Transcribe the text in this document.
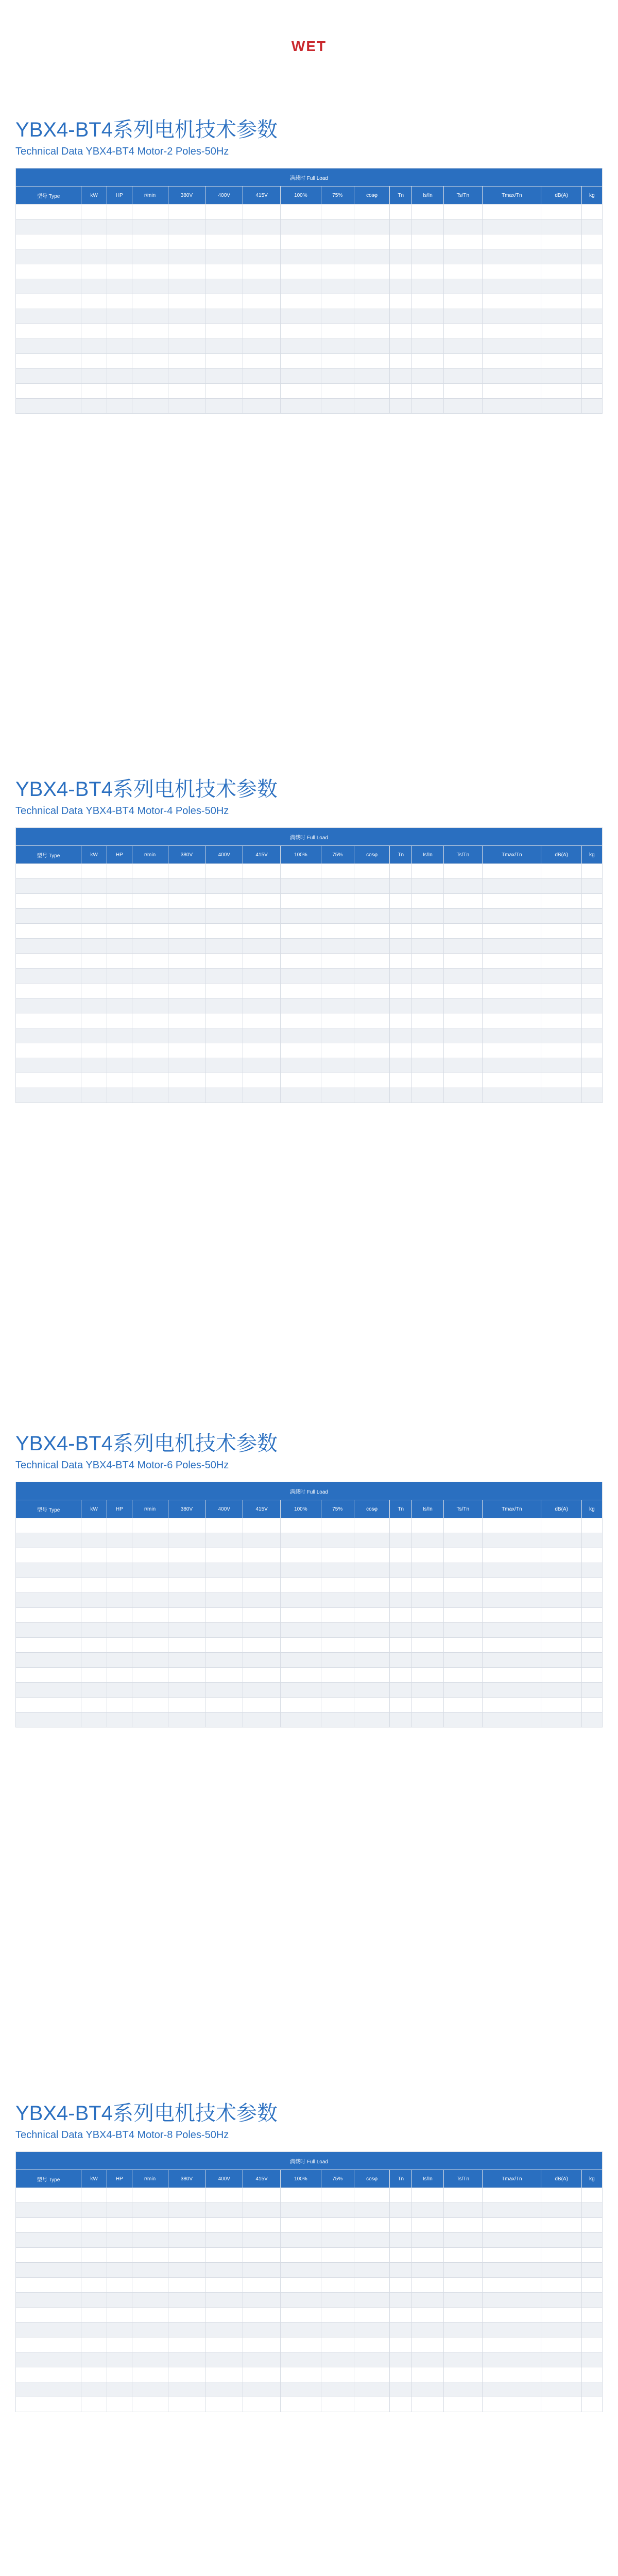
WET
YBX4-BT4系列电机技术参数
Technical Data YBX4-BT4 Motor-2 Poles-50Hz
满载时 Full Load															
型号 Type	kW	HP	r/min	380V	400V	415V	100%	75%	cosφ	Tn	Is/In	Ts/Tn	Tmax/Tn	dB(A)	kg

YBX4-BT4系列电机技术参数
Technical Data YBX4-BT4 Motor-4 Poles-50Hz
满载时 Full Load															
型号 Type	kW	HP	r/min	380V	400V	415V	100%	75%	cosφ	Tn	Is/In	Ts/Tn	Tmax/Tn	dB(A)	kg

YBX4-BT4系列电机技术参数
Technical Data YBX4-BT4 Motor-6 Poles-50Hz
满载时 Full Load															
型号 Type	kW	HP	r/min	380V	400V	415V	100%	75%	cosφ	Tn	Is/In	Ts/Tn	Tmax/Tn	dB(A)	kg

YBX4-BT4系列电机技术参数
Technical Data YBX4-BT4 Motor-8 Poles-50Hz
满载时 Full Load															
型号 Type	kW	HP	r/min	380V	400V	415V	100%	75%	cosφ	Tn	Is/In	Ts/Tn	Tmax/Tn	dB(A)	kg
